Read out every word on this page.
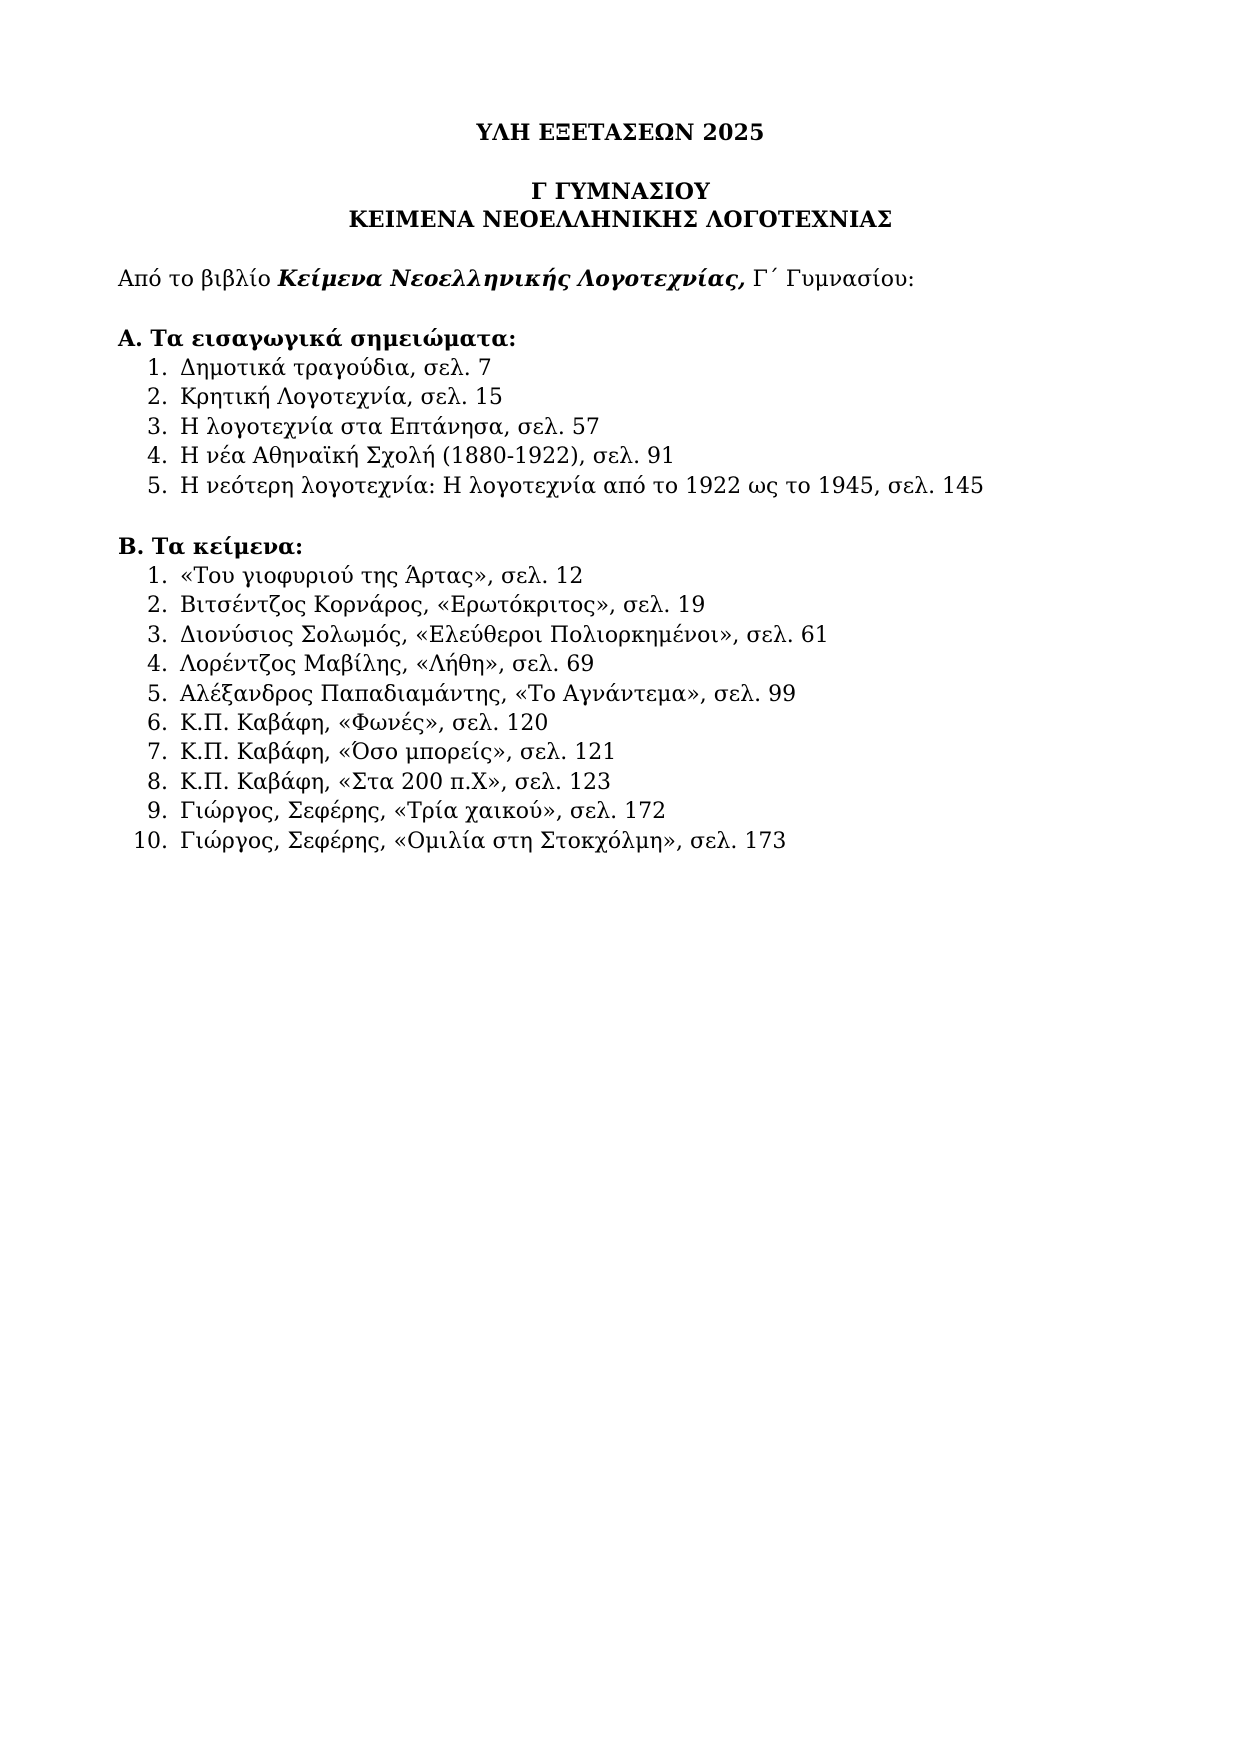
ΥΛΗ ΕΞΕΤΑΣΕΩΝ 2025
Γ ΓΥΜΝΑΣΙΟΥ
ΚΕΙΜΕΝΑ ΝΕΟΕΛΛΗΝΙΚΗΣ ΛΟΓΟΤΕΧΝΙΑΣ
Από το βιβλίο Κείμενα Νεοελληνικής Λογοτεχνίας, Γ΄ Γυμνασίου:
Α. Τα εισαγωγικά σημειώματα:
1. Δημοτικά τραγούδια, σελ. 7
2. Κρητική Λογοτεχνία, σελ. 15
3. Η λογοτεχνία στα Επτάνησα, σελ. 57
4. Η νέα Αθηναϊκή Σχολή (1880-1922), σελ. 91
5. Η νεότερη λογοτεχνία: Η λογοτεχνία από το 1922 ως το 1945, σελ. 145
Β. Τα κείμενα:
1. «Του γιοφυριού της Άρτας», σελ. 12
2. Βιτσέντζος Κορνάρος, «Ερωτόκριτος», σελ. 19
3. Διονύσιος Σολωμός, «Ελεύθεροι Πολιορκημένοι», σελ. 61
4. Λορέντζος Μαβίλης, «Λήθη», σελ. 69
5. Αλέξανδρος Παπαδιαμάντης, «Το Αγνάντεμα», σελ. 99
6. Κ.Π. Καβάφη, «Φωνές», σελ. 120
7. Κ.Π. Καβάφη, «Όσο μπορείς», σελ. 121
8. Κ.Π. Καβάφη, «Στα 200 π.Χ», σελ. 123
9. Γιώργος, Σεφέρης, «Τρία χαικού», σελ. 172
10. Γιώργος, Σεφέρης, «Ομιλία στη Στοκχόλμη», σελ. 173
